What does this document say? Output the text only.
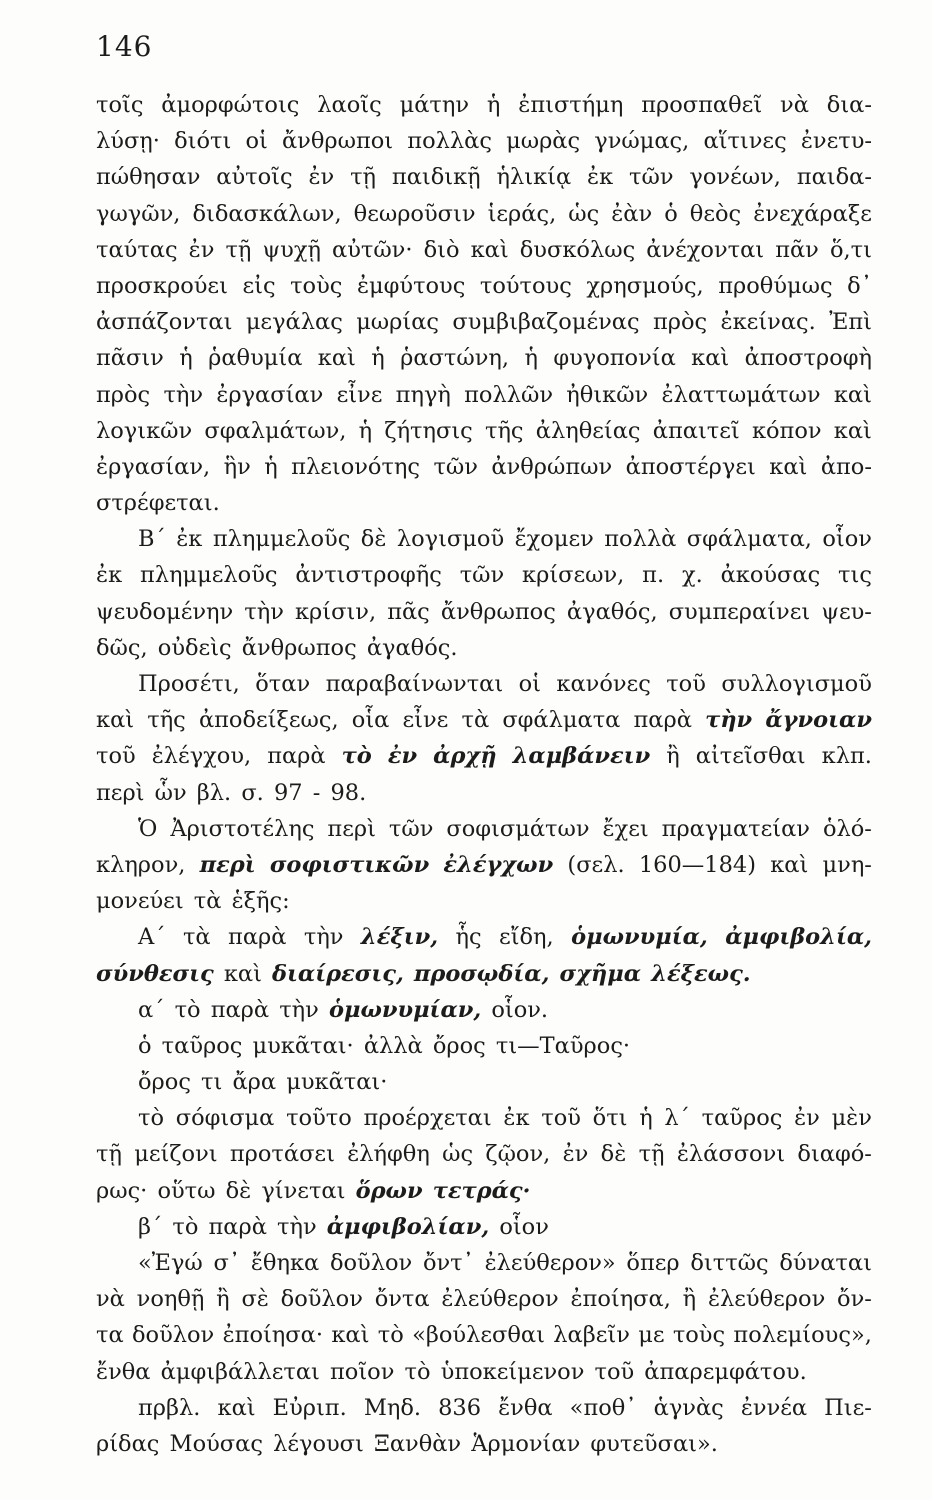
146
τοῖς ἀμορφώτοις λαοῖς μάτην ἡ ἐπιστήμη προσπαθεῖ νὰ δια-
λύσῃ· διότι οἱ ἄνθρωποι πολλὰς μωρὰς γνώμας, αἵτινες ἐνετυ-
πώθησαν αὐτοῖς ἐν τῇ παιδικῇ ἡλικίᾳ ἐκ τῶν γονέων, παιδα-
γωγῶν, διδασκάλων, θεωροῦσιν ἱεράς, ὡς ἐὰν ὁ θεὸς ἐνεχάραξε
ταύτας ἐν τῇ ψυχῇ αὐτῶν· διὸ καὶ δυσκόλως ἀνέχονται πᾶν ὅ,τι
προσκρούει εἰς τοὺς ἐμφύτους τούτους χρησμούς, προθύμως δ᾽
ἀσπάζονται μεγάλας μωρίας συμβιβαζομένας πρὸς ἐκείνας. Ἐπὶ
πᾶσιν ἡ ῥαθυμία καὶ ἡ ῥαστώνη, ἡ φυγοπονία καὶ ἀποστροφὴ
πρὸς τὴν ἐργασίαν εἶνε πηγὴ πολλῶν ἠθικῶν ἐλαττωμάτων καὶ
λογικῶν σφαλμάτων, ἡ ζήτησις τῆς ἀληθείας ἀπαιτεῖ κόπον καὶ
ἐργασίαν, ἣν ἡ πλειονότης τῶν ἀνθρώπων ἀποστέργει καὶ ἀπο-
στρέφεται.
Β´ ἐκ πλημμελοῦς δὲ λογισμοῦ ἔχομεν πολλὰ σφάλματα, οἷον
ἐκ πλημμελοῦς ἀντιστροφῆς τῶν κρίσεων, π. χ. ἀκούσας τις
ψευδομένην τὴν κρίσιν, πᾶς ἄνθρωπος ἀγαθός, συμπεραίνει ψευ-
δῶς, οὐδεὶς ἄνθρωπος ἀγαθός.
Προσέτι, ὅταν παραβαίνωνται οἱ κανόνες τοῦ συλλογισμοῦ
καὶ τῆς ἀποδείξεως, οἷα εἶνε τὰ σφάλματα παρὰ τὴν ἄγνοιαν
τοῦ ἐλέγχου, παρὰ τὸ ἐν ἀρχῇ λαμβάνειν ἢ αἰτεῖσθαι κλπ.
περὶ ὧν βλ. σ. 97 - 98.
Ὁ Ἀριστοτέλης περὶ τῶν σοφισμάτων ἔχει πραγματείαν ὁλό-
κληρον, περὶ σοφιστικῶν ἐλέγχων (σελ. 160—184) καὶ μνη-
μονεύει τὰ ἑξῆς:
Α´ τὰ παρὰ τὴν λέξιν, ἧς εἴδη, ὁμωνυμία, ἀμφιβολία,
σύνθεσις καὶ διαίρεσις, προσῳδία, σχῆμα λέξεως.
α´ τὸ παρὰ τὴν ὁμωνυμίαν, οἷον.
ὁ ταῦρος μυκᾶται· ἀλλὰ ὄρος τι—Ταῦρος·
ὄρος τι ἄρα μυκᾶται·
τὸ σόφισμα τοῦτο προέρχεται ἐκ τοῦ ὅτι ἡ λ´ ταῦρος ἐν μὲν
τῇ μείζονι προτάσει ἐλήφθη ὡς ζῷον, ἐν δὲ τῇ ἐλάσσονι διαφό-
ρως· οὕτω δὲ γίνεται ὅρων τετράς·
β´ τὸ παρὰ τὴν ἀμφιβολίαν, οἷον
«Ἐγώ σ᾽ ἔθηκα δοῦλον ὄντ᾽ ἐλεύθερον» ὅπερ διττῶς δύναται
νὰ νοηθῇ ἢ σὲ δοῦλον ὄντα ἐλεύθερον ἐποίησα, ἢ ἐλεύθερον ὄν-
τα δοῦλον ἐποίησα· καὶ τὸ «βούλεσθαι λαβεῖν με τοὺς πολεμίους»,
ἔνθα ἀμφιβάλλεται ποῖον τὸ ὑποκείμενον τοῦ ἀπαρεμφάτου.
πρβλ. καὶ Εὐριπ. Μηδ. 836 ἔνθα «ποθ᾽ ἁγνὰς ἐννέα Πιε-
ρίδας Μούσας λέγουσι Ξανθὰν Ἁρμονίαν φυτεῦσαι».
